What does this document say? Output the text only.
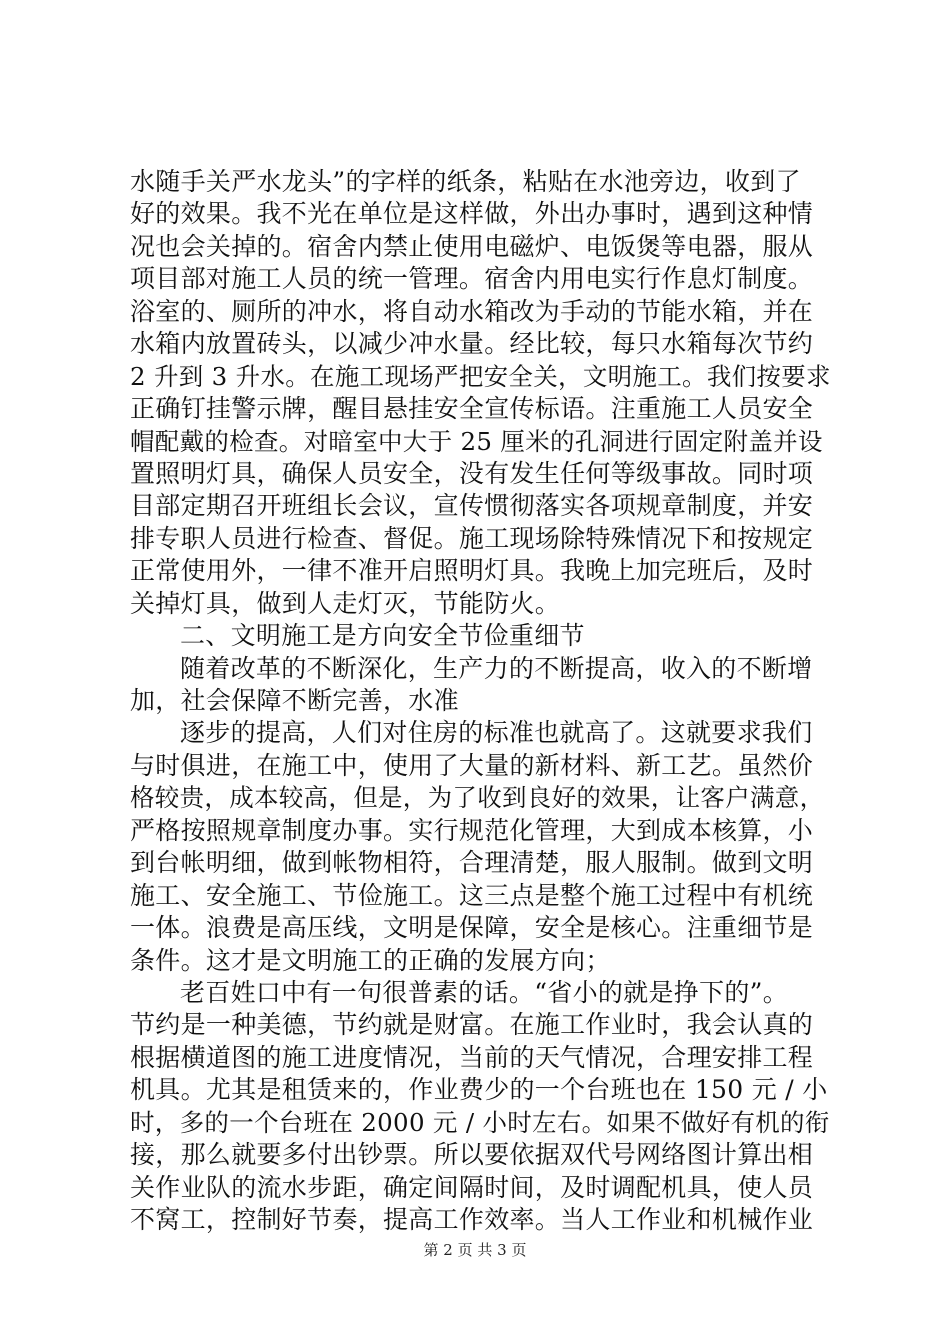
水随手关严水龙头”的字样的纸条，粘贴在水池旁边，收到了
好的效果。我不光在单位是这样做，外出办事时，遇到这种情
况也会关掉的。宿舍内禁止使用电磁炉、电饭煲等电器，服从
项目部对施工人员的统一管理。宿舍内用电实行作息灯制度。
浴室的、厕所的冲水，将自动水箱改为手动的节能水箱，并在
水箱内放置砖头，以减少冲水量。经比较，每只水箱每次节约
2 升到 3 升水。在施工现场严把安全关，文明施工。我们按要求
正确钉挂警示牌，醒目悬挂安全宣传标语。注重施工人员安全
帽配戴的检查。对暗室中大于 25 厘米的孔洞进行固定附盖并设
置照明灯具，确保人员安全，没有发生任何等级事故。同时项
目部定期召开班组长会议，宣传惯彻落实各项规章制度，并安
排专职人员进行检查、督促。施工现场除特殊情况下和按规定
正常使用外，一律不准开启照明灯具。我晚上加完班后，及时
关掉灯具，做到人走灯灭，节能防火。
二、文明施工是方向安全节俭重细节
随着改革的不断深化，生产力的不断提高，收入的不断增
加，社会保障不断完善，水准
逐步的提高，人们对住房的标准也就高了。这就要求我们
与时俱进，在施工中，使用了大量的新材料、新工艺。虽然价
格较贵，成本较高，但是，为了收到良好的效果，让客户满意，
严格按照规章制度办事。实行规范化管理，大到成本核算，小
到台帐明细，做到帐物相符，合理清楚，服人服制。做到文明
施工、安全施工、节俭施工。这三点是整个施工过程中有机统
一体。浪费是高压线，文明是保障，安全是核心。注重细节是
条件。这才是文明施工的正确的发展方向；
老百姓口中有一句很普素的话。“省小的就是挣下的”。
节约是一种美德，节约就是财富。在施工作业时，我会认真的
根据横道图的施工进度情况，当前的天气情况，合理安排工程
机具。尤其是租赁来的，作业费少的一个台班也在 150 元 / 小
时，多的一个台班在 2000 元 / 小时左右。如果不做好有机的衔
接，那么就要多付出钞票。所以要依据双代号网络图计算出相
关作业队的流水步距，确定间隔时间，及时调配机具，使人员
不窝工，控制好节奏，提高工作效率。当人工作业和机械作业
第 2 页 共 3 页
